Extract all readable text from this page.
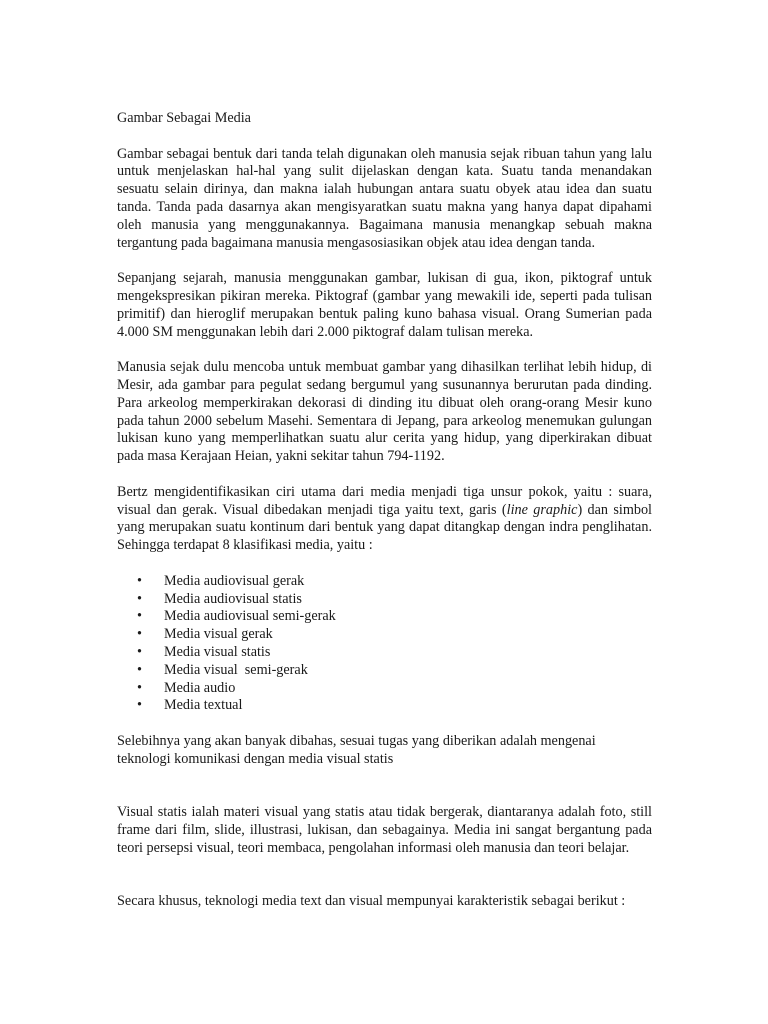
Gambar Sebagai Media

Gambar sebagai bentuk dari tanda telah digunakan oleh manusia sejak ribuan tahun yang lalu untuk menjelaskan hal-hal yang sulit dijelaskan dengan kata. Suatu tanda menandakan sesuatu selain dirinya, dan makna ialah hubungan antara suatu obyek atau idea dan suatu tanda. Tanda pada dasarnya akan mengisyaratkan suatu makna yang hanya dapat dipahami oleh manusia yang menggunakannya. Bagaimana manusia menangkap sebuah makna tergantung pada bagaimana manusia mengasosiasikan objek atau idea dengan tanda.

Sepanjang sejarah, manusia menggunakan gambar, lukisan di gua, ikon, piktograf untuk mengekspresikan pikiran mereka. Piktograf (gambar yang mewakili ide, seperti pada tulisan primitif) dan hieroglif merupakan bentuk paling kuno bahasa visual. Orang Sumerian pada 4.000 SM menggunakan lebih dari 2.000 piktograf dalam tulisan mereka.

Manusia sejak dulu mencoba untuk membuat gambar yang dihasilkan terlihat lebih hidup, di Mesir, ada gambar para pegulat sedang bergumul yang susunannya berurutan pada dinding. Para arkeolog memperkirakan dekorasi di dinding itu dibuat oleh orang-orang Mesir kuno pada tahun 2000 sebelum Masehi. Sementara di Jepang, para arkeolog menemukan gulungan lukisan kuno yang memperlihatkan suatu alur cerita yang hidup, yang diperkirakan dibuat pada masa Kerajaan Heian, yakni sekitar tahun 794-1192.

Bertz mengidentifikasikan ciri utama dari media menjadi tiga unsur pokok, yaitu : suara, visual dan gerak. Visual dibedakan menjadi tiga yaitu text, garis (line graphic) dan simbol yang merupakan suatu kontinum dari bentuk yang dapat ditangkap dengan indra penglihatan. Sehingga terdapat 8 klasifikasi media, yaitu :

• Media audiovisual gerak
• Media audiovisual statis
• Media audiovisual semi-gerak
• Media visual gerak
• Media visual statis
• Media visual  semi-gerak
• Media audio
• Media textual

Selebihnya yang akan banyak dibahas, sesuai tugas yang diberikan adalah mengenai teknologi komunikasi dengan media visual statis

Visual statis ialah materi visual yang statis atau tidak bergerak, diantaranya adalah foto, still frame dari film, slide, illustrasi, lukisan, dan sebagainya. Media ini sangat bergantung pada teori persepsi visual, teori membaca, pengolahan informasi oleh manusia dan teori belajar.

Secara khusus, teknologi media text dan visual mempunyai karakteristik sebagai berikut :
